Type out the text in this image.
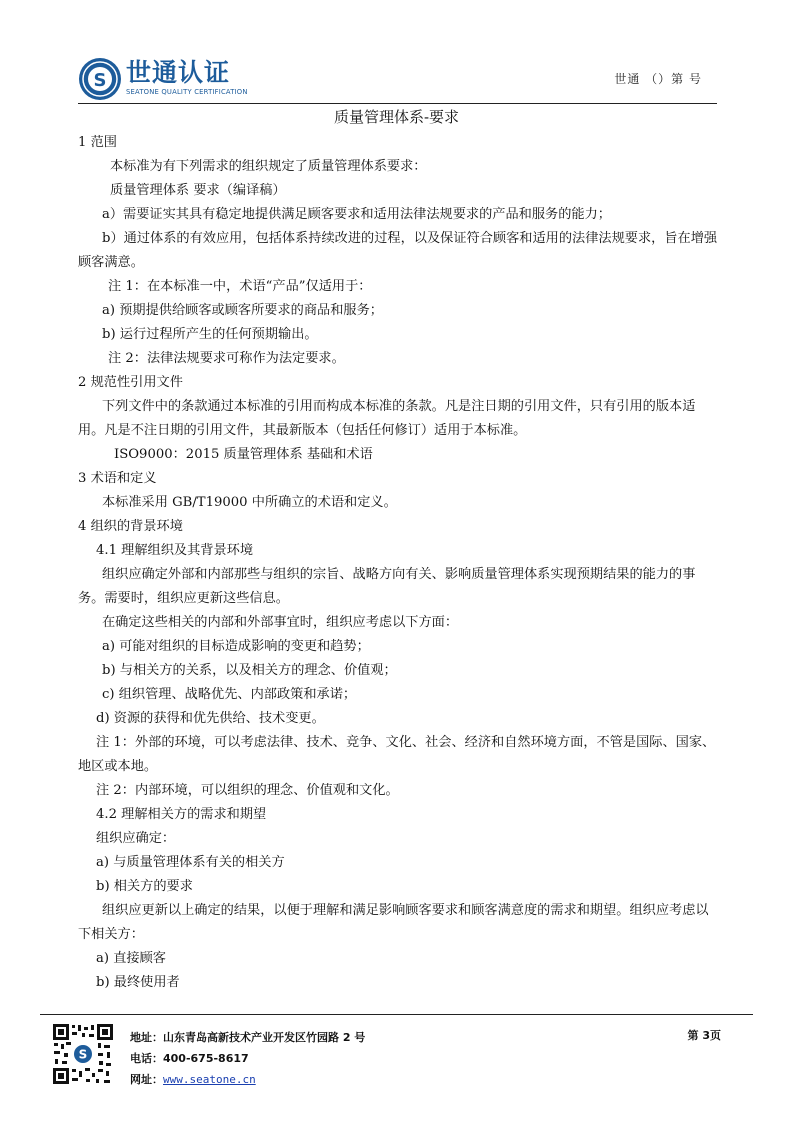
S 世通认证
SEATONE QUALITY CERTIFICATION
世通 （）第 号
质量管理体系-要求

1 范围

本标准为有下列需求的组织规定了质量管理体系要求：

质量管理体系 要求（编译稿）

a）需要证实其具有稳定地提供满足顾客要求和适用法律法规要求的产品和服务的能力；

b）通过体系的有效应用，包括体系持续改进的过程，以及保证符合顾客和适用的法律法规要求，旨在增强顾客满意。

注 1：在本标准一中，术语“产品”仅适用于：

a) 预期提供给顾客或顾客所要求的商品和服务；

b) 运行过程所产生的任何预期输出。

注 2：法律法规要求可称作为法定要求。

2 规范性引用文件

下列文件中的条款通过本标准的引用而构成本标准的条款。凡是注日期的引用文件，只有引用的版本适用。凡是不注日期的引用文件，其最新版本（包括任何修订）适用于本标准。

ISO9000：2015 质量管理体系 基础和术语

3 术语和定义

本标准采用 GB/T19000 中所确立的术语和定义。

4 组织的背景环境

4.1 理解组织及其背景环境

组织应确定外部和内部那些与组织的宗旨、战略方向有关、影响质量管理体系实现预期结果的能力的事务。需要时，组织应更新这些信息。

在确定这些相关的内部和外部事宜时，组织应考虑以下方面：

a) 可能对组织的目标造成影响的变更和趋势；

b) 与相关方的关系，以及相关方的理念、价值观；

c) 组织管理、战略优先、内部政策和承诺；

d) 资源的获得和优先供给、技术变更。

注 1：外部的环境，可以考虑法律、技术、竞争、文化、社会、经济和自然环境方面，不管是国际、国家、地区或本地。

注 2：内部环境，可以组织的理念、价值观和文化。

4.2 理解相关方的需求和期望

组织应确定：

a) 与质量管理体系有关的相关方

b) 相关方的要求

组织应更新以上确定的结果，以便于理解和满足影响顾客要求和顾客满意度的需求和期望。组织应考虑以下相关方：

a) 直接顾客

b) 最终使用者

S
地址：山东青岛高新技术产业开发区竹园路 2 号
电话：400-675-8617
网址：www.seatone.cn
第 3页
